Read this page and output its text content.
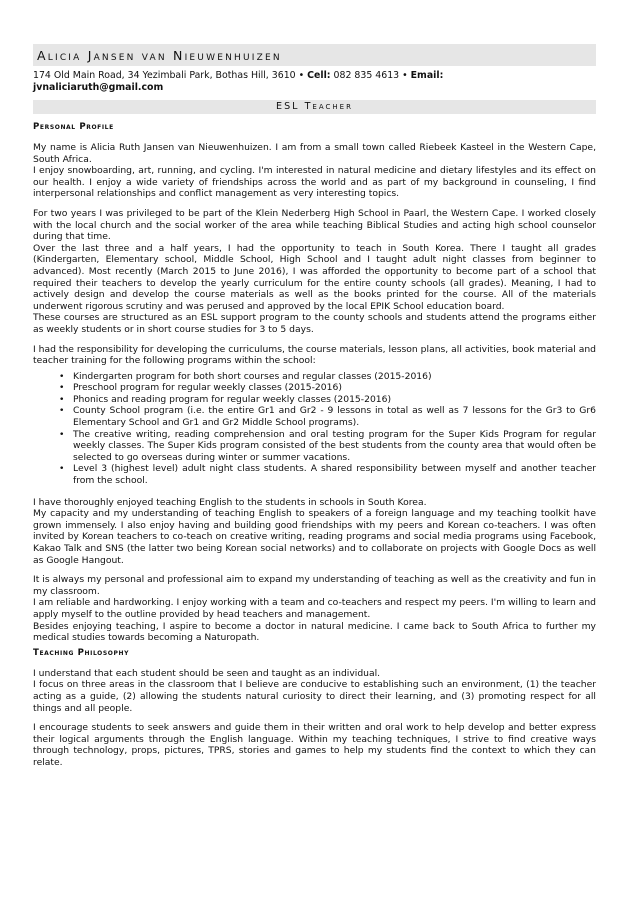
Alicia Jansen van Nieuwenhuizen
174 Old Main Road, 34 Yezimbali Park, Bothas Hill, 3610 • Cell: 082 835 4613 • Email:
jvnaliciaruth@gmail.com
ESL Teacher
Personal Profile

My name is Alicia Ruth Jansen van Nieuwenhuizen. I am from a small town called Riebeek Kasteel in the Western Cape, South Africa.

I enjoy snowboarding, art, running, and cycling. I'm interested in natural medicine and dietary lifestyles and its effect on our health. I enjoy a wide variety of friendships across the world and as part of my background in counseling, I find interpersonal relationships and conflict management as very interesting topics.

For two years I was privileged to be part of the Klein Nederberg High School in Paarl, the Western Cape. I worked closely with the local church and the social worker of the area while teaching Biblical Studies and acting high school counselor during that time.

Over the last three and a half years, I had the opportunity to teach in South Korea. There I taught all grades (Kindergarten, Elementary school, Middle School, High School and I taught adult night classes from beginner to advanced). Most recently (March 2015 to June 2016), I was afforded the opportunity to become part of a school that required their teachers to develop the yearly curriculum for the entire county schools (all grades). Meaning, I had to actively design and develop the course materials as well as the books printed for the course. All of the materials underwent rigorous scrutiny and was perused and approved by the local EPIK School education board.

These courses are structured as an ESL support program to the county schools and students attend the programs either as weekly students or in short course studies for 3 to 5 days.

I had the responsibility for developing the curriculums, the course materials, lesson plans, all activities, book material and teacher training for the following programs within the school:

• Kindergarten program for both short courses and regular classes (2015-2016)
• Preschool program for regular weekly classes (2015-2016)
• Phonics and reading program for regular weekly classes (2015-2016)
• County School program (i.e. the entire Gr1 and Gr2 - 9 lessons in total as well as 7 lessons for the Gr3 to Gr6 Elementary School and Gr1 and Gr2 Middle School programs).
• The creative writing, reading comprehension and oral testing program for the Super Kids Program for regular weekly classes. The Super Kids program consisted of the best students from the county area that would often be selected to go overseas during winter or summer vacations.
• Level 3 (highest level) adult night class students. A shared responsibility between myself and another teacher from the school.

I have thoroughly enjoyed teaching English to the students in schools in South Korea.

My capacity and my understanding of teaching English to speakers of a foreign language and my teaching toolkit have grown immensely. I also enjoy having and building good friendships with my peers and Korean co-teachers. I was often invited by Korean teachers to co-teach on creative writing, reading programs and social media programs using Facebook, Kakao Talk and SNS (the latter two being Korean social networks) and to collaborate on projects with Google Docs as well as Google Hangout.

It is always my personal and professional aim to expand my understanding of teaching as well as the creativity and fun in my classroom.

I am reliable and hardworking. I enjoy working with a team and co-teachers and respect my peers. I'm willing to learn and apply myself to the outline provided by head teachers and management.

Besides enjoying teaching, I aspire to become a doctor in natural medicine. I came back to South Africa to further my medical studies towards becoming a Naturopath.

Teaching Philosophy

I understand that each student should be seen and taught as an individual.

I focus on three areas in the classroom that I believe are conducive to establishing such an environment, (1) the teacher acting as a guide, (2) allowing the students natural curiosity to direct their learning, and (3) promoting respect for all things and all people.

I encourage students to seek answers and guide them in their written and oral work to help develop and better express their logical arguments through the English language. Within my teaching techniques, I strive to find creative ways through technology, props, pictures, TPRS, stories and games to help my students find the context to which they can relate.
